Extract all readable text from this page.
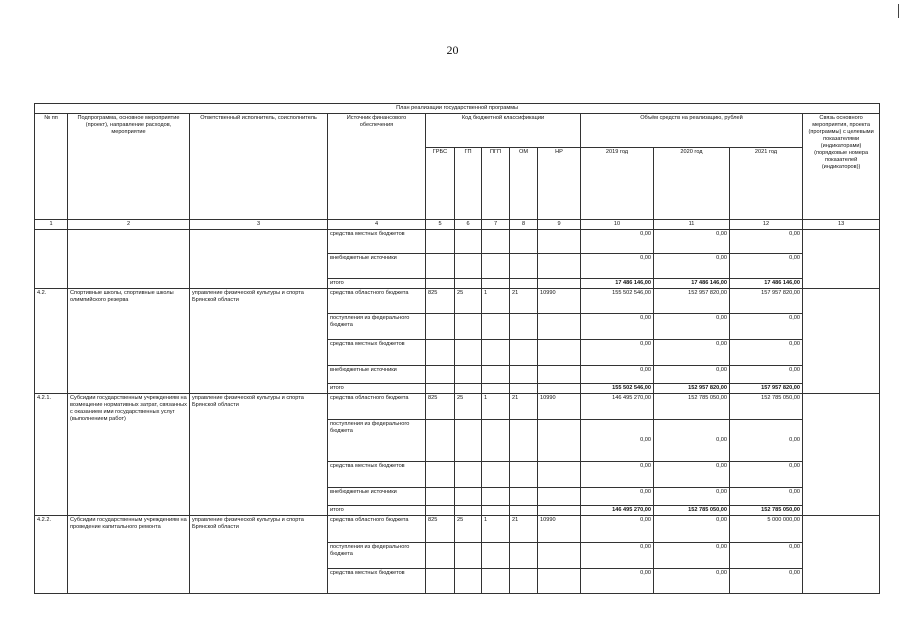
20
План реализации государственной программы												
№ пп	Подпрограмма, основное мероприятие (проект), направление расходов, мероприятие	Ответственный исполнитель, соисполнитель	Источник финансового обеспечения	Код бюджетной классификации					Объём средств на реализацию, рублей			Связь основного мероприятия, проекта (программы) с целевыми показателями (индикаторами) (порядковые номера показателей (индикаторов))
				ГРБС	ГП	ПГП	ОМ	НР	2019 год	2020 год	2021 год	
1	2	3	4	5	6	7	8	9	10	11	12	13
			средства местных бюджетов						0,00	0,00	0,00	
			внебюджетные источники						0,00	0,00	0,00	
			итого						17 486 146,00	17 486 146,00	17 486 146,00	
4.2.	Спортивные школы, спортивные школы олимпийского резерва	управление физической культуры и спорта Брянской области	средства областного бюджета	825	25	1	21	10990	155 502 546,00	152 957 820,00	157 957 820,00	
			поступления из федерального бюджета						0,00	0,00	0,00	
			средства местных бюджетов						0,00	0,00	0,00	
			внебюджетные источники						0,00	0,00	0,00	
			итого						155 502 546,00	152 957 820,00	157 957 820,00	
4.2.1.	Субсидии государственным учреждениям на возмещение нормативных затрат, связанных с оказанием ими государственных услуг (выполнением работ)	управление физической культуры и спорта Брянской области	средства областного бюджета	825	25	1	21	10990	146 495 270,00	152 785 050,00	152 785 050,00	
			поступления из федерального бюджета						0,00	0,00	0,00	
			средства местных бюджетов						0,00	0,00	0,00	
			внебюджетные источники						0,00	0,00	0,00	
			итого						146 495 270,00	152 785 050,00	152 785 050,00	
4.2.2.	Субсидии государственным учреждениям на проведение капитального ремонта	управление физической культуры и спорта Брянской области	средства областного бюджета	825	25	1	21	10990	0,00	0,00	5 000 000,00	
			поступления из федерального бюджета						0,00	0,00	0,00	
			средства местных бюджетов						0,00	0,00	0,00	
